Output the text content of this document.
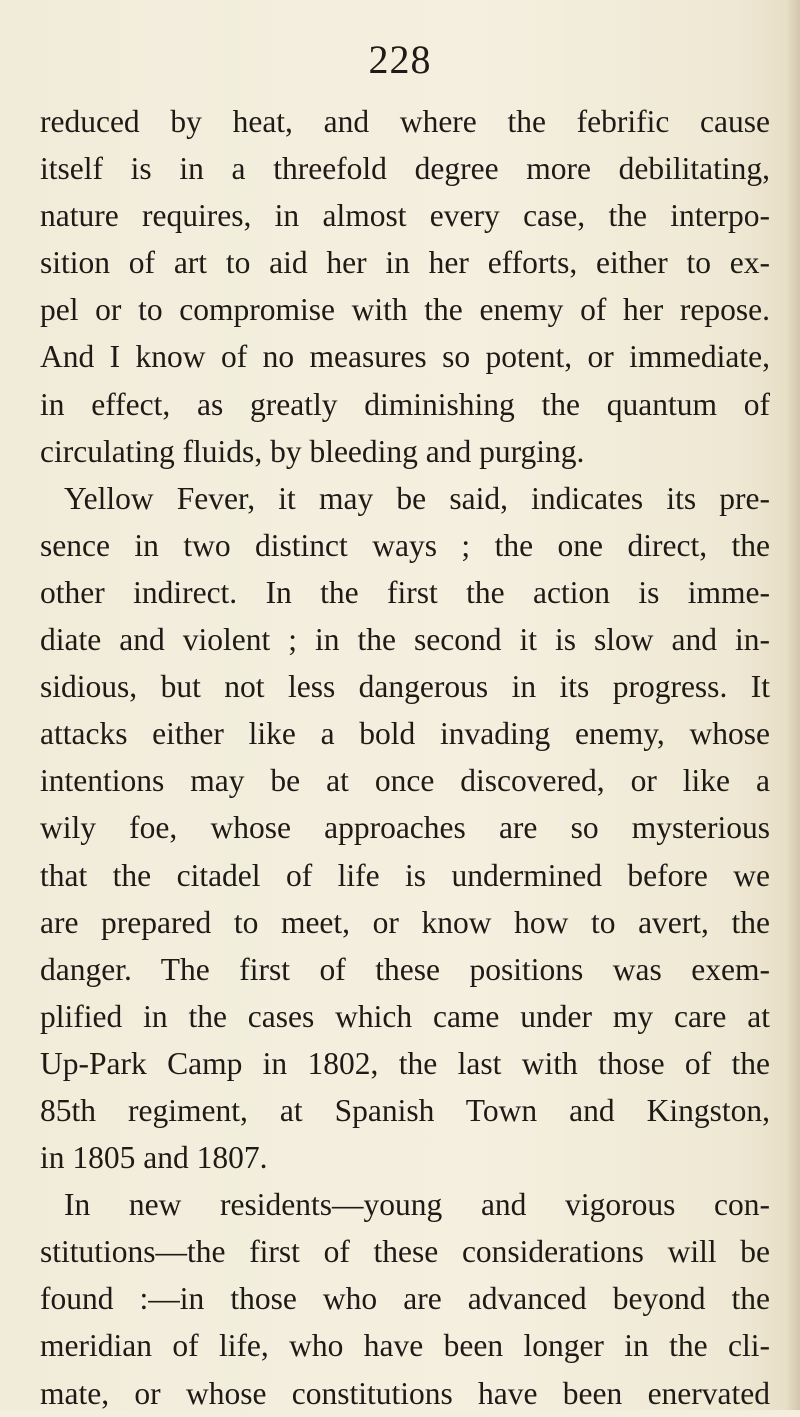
228
reduced by heat, and where the febrific cause
itself is in a threefold degree more debilitating,
nature requires, in almost every case, the interpo-
sition of art to aid her in her efforts, either to ex-
pel or to compromise with the enemy of her repose.
And I know of no measures so potent, or immediate,
in effect, as greatly diminishing the quantum of
circulating fluids, by bleeding and purging.
Yellow Fever, it may be said, indicates its pre-
sence in two distinct ways ; the one direct, the
other indirect. In the first the action is imme-
diate and violent ; in the second it is slow and in-
sidious, but not less dangerous in its progress. It
attacks either like a bold invading enemy, whose
intentions may be at once discovered, or like a
wily foe, whose approaches are so mysterious
that the citadel of life is undermined before we
are prepared to meet, or know how to avert, the
danger. The first of these positions was exem-
plified in the cases which came under my care at
Up-Park Camp in 1802, the last with those of the
85th regiment, at Spanish Town and Kingston,
in 1805 and 1807.
In new residents—young and vigorous con-
stitutions—the first of these considerations will be
found :—in those who are advanced beyond the
meridian of life, who have been longer in the cli-
mate, or whose constitutions have been enervated
